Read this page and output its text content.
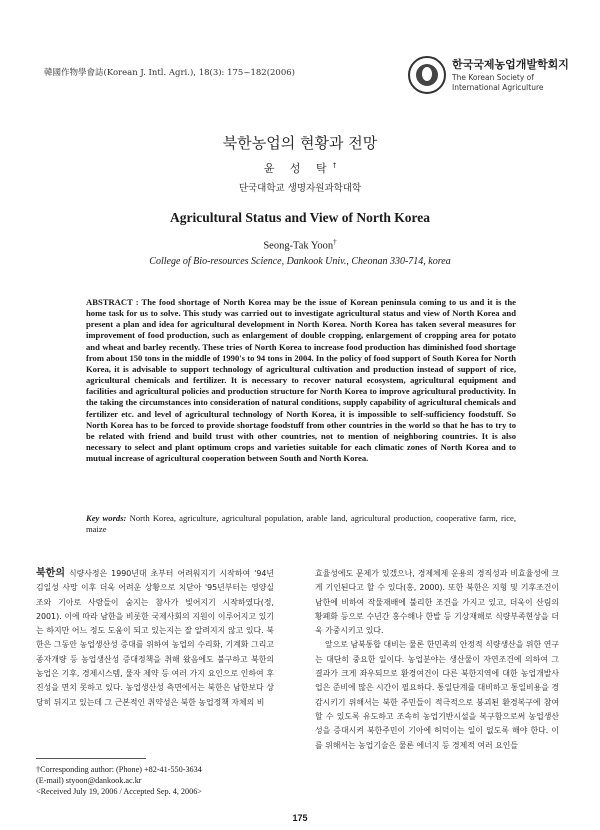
韓國作物學會誌(Korean J. Intl. Agri.), 18(3): 175~182(2006)
한국국제농업개발학회지
The Korean Society of International Agriculture
북한농업의 현황과 전망
윤 성 탁†
단국대학교 생명자원과학대학
Agricultural Status and View of North Korea
Seong-Tak Yoon†
College of Bio-resources Science, Dankook Univ., Cheonan 330-714, korea
ABSTRACT : The food shortage of North Korea may be the issue of Korean peninsula coming to us and it is the home task for us to solve. This study was carried out to investigate agricultural status and view of North Korea and present a plan and idea for agricultural development in North Korea. North Korea has taken several measures for improvement of food production, such as enlargement of double cropping, enlargement of cropping area for potato and wheat and barley recently. These tries of North Korea to increase food production has diminished food shortage from about 150 tons in the middle of 1990's to 94 tons in 2004. In the policy of food support of South Korea for North Korea, it is advisable to support technology of agricultural cultivation and production instead of support of rice, agricultural chemicals and fertilizer. It is necessary to recover natural ecosystem, agricultural equipment and facilities and agricultural policies and production structure for North Korea to improve agricultural productivity. In the taking the circumstances into consideration of natural conditions, supply capability of agricultural chemicals and fertilizer etc. and level of agricultural technology of North Korea, it is impossible to self-sufficiency foodstuff. So North Korea has to be forced to provide shortage foodstuff from other countries in the world so that he has to try to be related with friend and build trust with other countries, not to mention of neighboring countries. It is also necessary to select and plant optimum crops and varieties suitable for each climatic zones of North Korea and to mutual increase of agricultural cooperation between South and North Korea.
Key words: North Korea, agriculture, agricultural population, arable land, agricultural production, cooperative farm, rice, maize
북한의 식량사정은 1990년대 초부터 어려워지기 시작하여 '94년 김일성 사망 이후 더욱 어려운 상황으로 치닫아 '95년부터는 영양실조와 기아로 사람들이 숨지는 참사가 빚어지기 시작하였다(정, 2001). 이에 따라 남한을 비롯한 국제사회의 지원이 이루어지고 있기는 하지만 어느 정도 도움이 되고 있는지는 잘 알려지지 않고 있다. 북한은 그동안 농업생산성 증대를 위하여 농업의 수리화, 기계화 그리고 종자개량 등 농업생산성 증대정책을 취해 왔음에도 불구하고 북한의 농업은 기후, 경제시스템, 물자 제약 등 여러 가지 요인으로 인하여 후진성을 면치 못하고 있다. 농업생산성 측면에서는 북한은 남한보다 상당히 뒤지고 있는데 그 근본적인 취약성은 북한 농업정책 자체의 비
효율성에도 문제가 있겠으나, 경제체제 운용의 경직성과 비효율성에 크게 기인된다고 할 수 있다(홍, 2000). 또한 북한은 지형 및 기후조건이 남한에 비하여 작물재배에 불리한 조건을 가지고 있고, 더욱이 산림의 황폐화 등으로 수년간 홍수해나 한발 등 기상재해로 식량부족현상을 더욱 가중시키고 있다.
앞으로 남북통합 대비는 물론 한민족의 안정적 식량생산을 위한 연구는 대단히 중요한 일이다. 농업분야는 생산물이 자연조건에 의하여 그 결과가 크게 좌우되므로 환경여건이 다른 북한지역에 대한 농업개발사업은 준비에 많은 시간이 필요하다. 통일단계를 대비하고 통일비용을 경감시키기 위해서는 북한 주민들이 적극적으로 붕괴된 환경복구에 참여할 수 있도록 유도하고 조속히 농업기반시설을 복구함으로써 농업생산성을 증대시켜 북한주민이 기아에 허덕이는 일이 없도록 해야 한다. 이를 위해서는 농업기술은 물론 에너지 등 경제적 여러 요인들
†Corresponding author: (Phone) +82-41-550-3634
(E-mail) styoon@dankook.ac.kr
<Received July 19, 2006 / Accepted Sep. 4, 2006>
175
